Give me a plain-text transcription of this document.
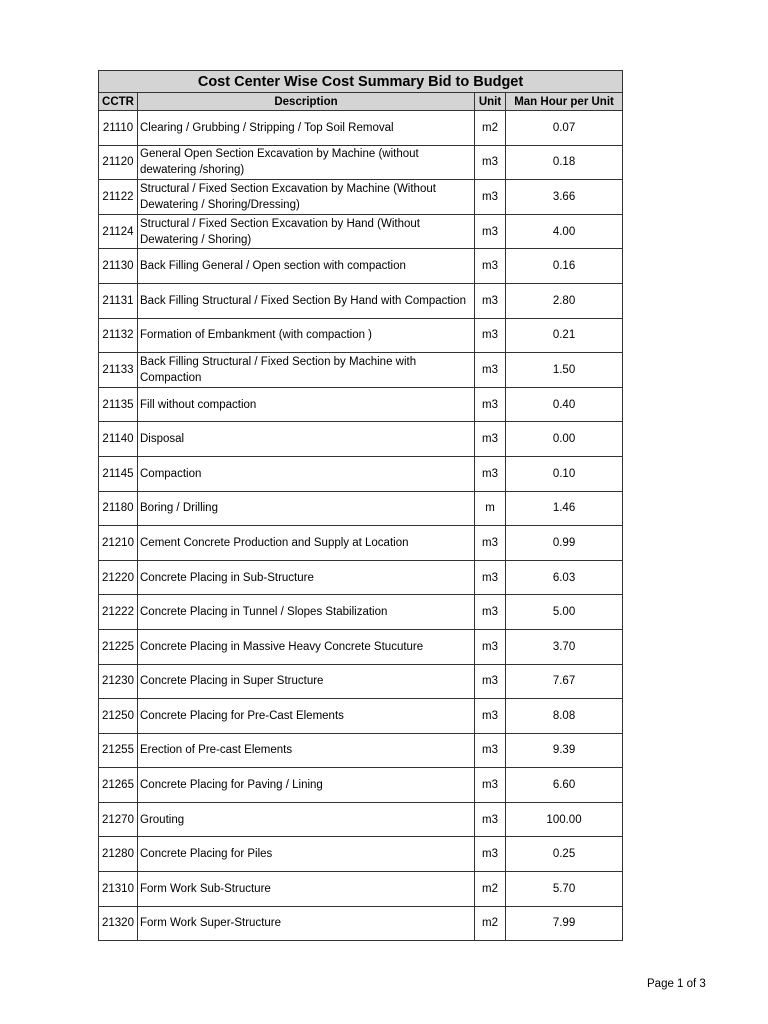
Cost Center Wise Cost Summary Bid to Budget			
CCTR	Description	Unit	Man Hour per Unit
21110	Clearing / Grubbing / Stripping / Top Soil Removal	m2	0.07
21120	General Open Section Excavation by Machine (without dewatering /shoring)	m3	0.18
21122	Structural / Fixed Section Excavation by Machine (Without Dewatering / Shoring/Dressing)	m3	3.66
21124	Structural / Fixed Section Excavation by Hand (Without Dewatering / Shoring)	m3	4.00
21130	Back Filling General / Open section with compaction	m3	0.16
21131	Back Filling Structural / Fixed Section By Hand with Compaction	m3	2.80
21132	Formation of Embankment (with compaction )	m3	0.21
21133	Back Filling Structural / Fixed Section by Machine with Compaction	m3	1.50
21135	Fill without compaction	m3	0.40
21140	Disposal	m3	0.00
21145	Compaction	m3	0.10
21180	Boring / Drilling	m	1.46
21210	Cement Concrete Production and Supply at Location	m3	0.99
21220	Concrete Placing in Sub-Structure	m3	6.03
21222	Concrete Placing in Tunnel / Slopes Stabilization	m3	5.00
21225	Concrete Placing in Massive Heavy Concrete Stucuture	m3	3.70
21230	Concrete Placing in Super Structure	m3	7.67
21250	Concrete Placing for Pre-Cast Elements	m3	8.08
21255	Erection of Pre-cast Elements	m3	9.39
21265	Concrete Placing for Paving / Lining	m3	6.60
21270	Grouting	m3	100.00
21280	Concrete Placing for Piles	m3	0.25
21310	Form Work Sub-Structure	m2	5.70
21320	Form Work Super-Structure	m2	7.99
Page 1 of 3
